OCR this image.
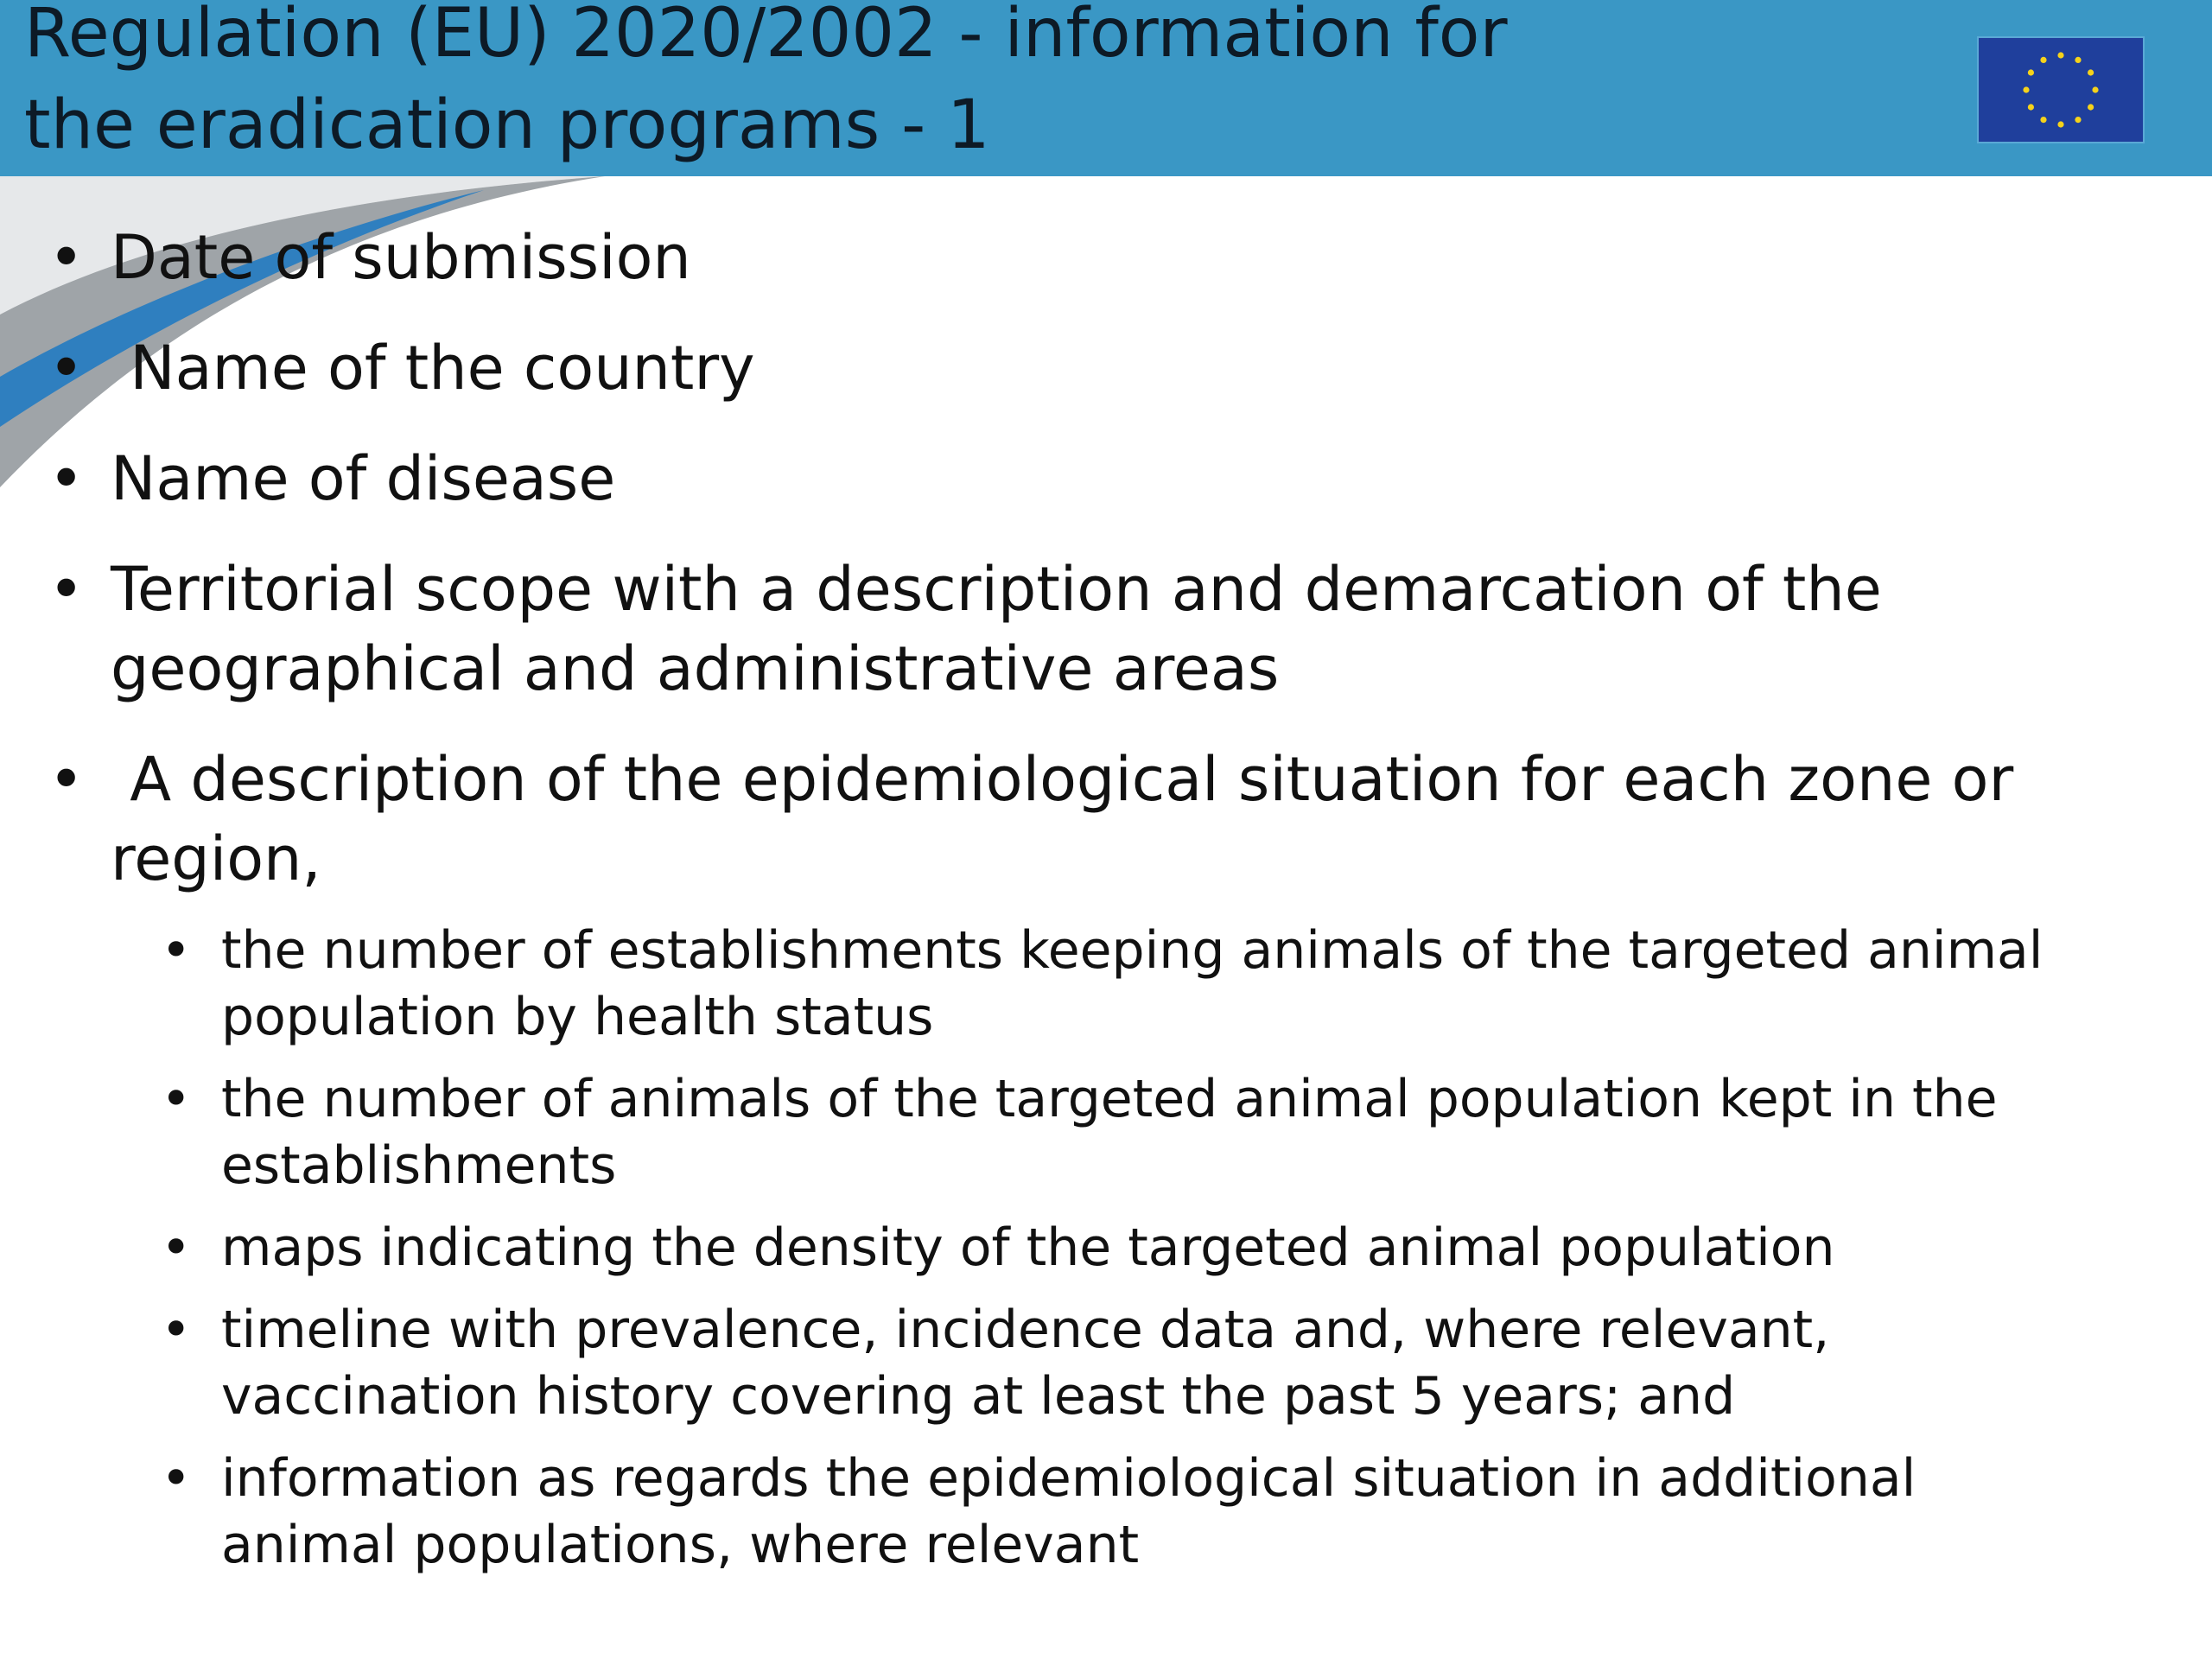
Regulation (EU) 2020/2002 - information for
the eradication programs - 1
• Date of submission
• Name of the country
• Name of disease
• Territorial scope with a description and demarcation of the geographical and administrative areas
• A description of the epidemiological situation for each zone or region,
• the number of establishments keeping animals of the targeted animal population by health status
• the number of animals of the targeted animal population kept in the establishments
• maps indicating the density of the targeted animal population
• timeline with prevalence, incidence data and, where relevant, vaccination history covering at least the past 5 years; and
• information as regards the epidemiological situation in additional animal populations, where relevant
